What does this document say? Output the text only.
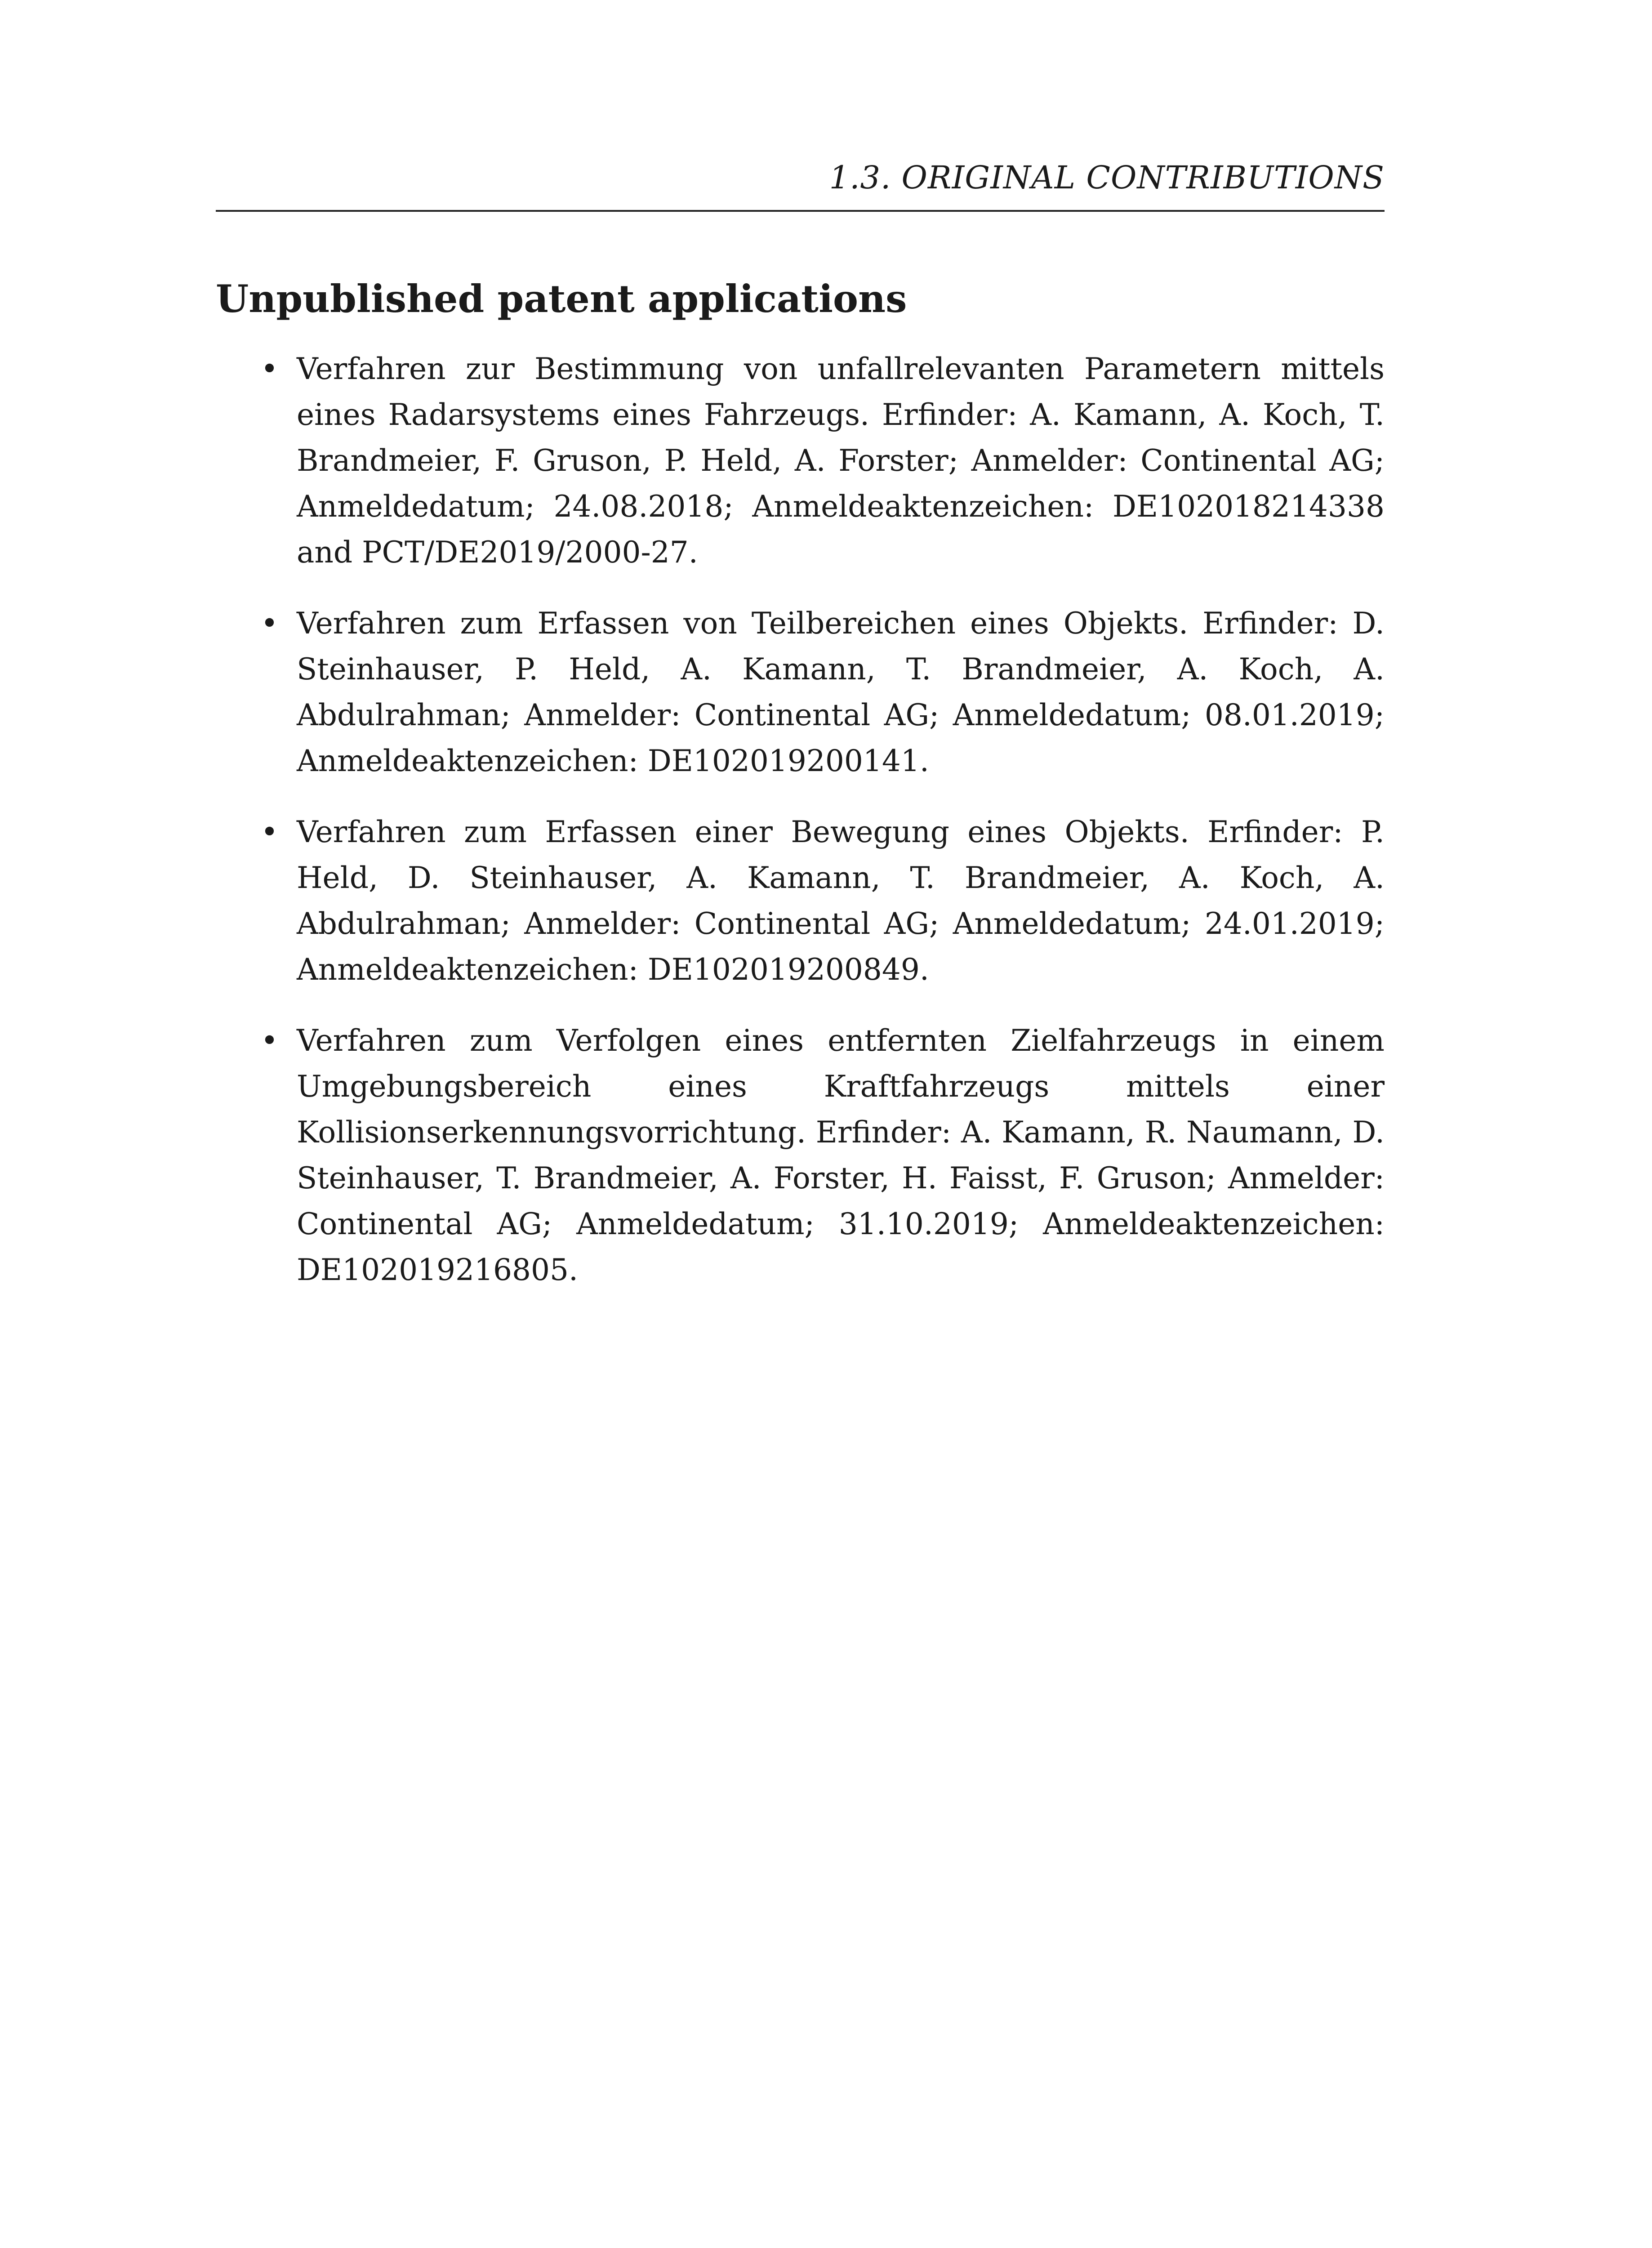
1.3. ORIGINAL CONTRIBUTIONS
Unpublished patent applications
• Verfahren zur Bestimmung von unfallrelevanten Parametern mittels eines Radarsystems eines Fahrzeugs. Erfinder: A. Kamann, A. Koch, T. Brandmeier, F. Gruson, P. Held, A. Forster; Anmelder: Continental AG; Anmeldedatum; 24.08.2018; Anmeldeaktenzeichen: DE102018214338 and PCT/DE2019/2000-27.
• Verfahren zum Erfassen von Teilbereichen eines Objekts. Erfinder: D. Steinhauser, P. Held, A. Kamann, T. Brandmeier, A. Koch, A. Abdulrahman; Anmelder: Continental AG; Anmeldedatum; 08.01.2019; Anmeldeaktenzeichen: DE102019200141.
• Verfahren zum Erfassen einer Bewegung eines Objekts. Erfinder: P. Held, D. Steinhauser, A. Kamann, T. Brandmeier, A. Koch, A. Abdulrahman; Anmelder: Continental AG; Anmeldedatum; 24.01.2019; Anmeldeaktenzeichen: DE102019200849.
• Verfahren zum Verfolgen eines entfernten Zielfahrzeugs in einem Umgebungsbereich eines Kraftfahrzeugs mittels einer Kollisionserkennungsvorrichtung. Erfinder: A. Kamann, R. Naumann, D. Steinhauser, T. Brandmeier, A. Forster, H. Faisst, F. Gruson; Anmelder: Continental AG; Anmeldedatum; 31.10.2019; Anmeldeaktenzeichen: DE102019216805.
